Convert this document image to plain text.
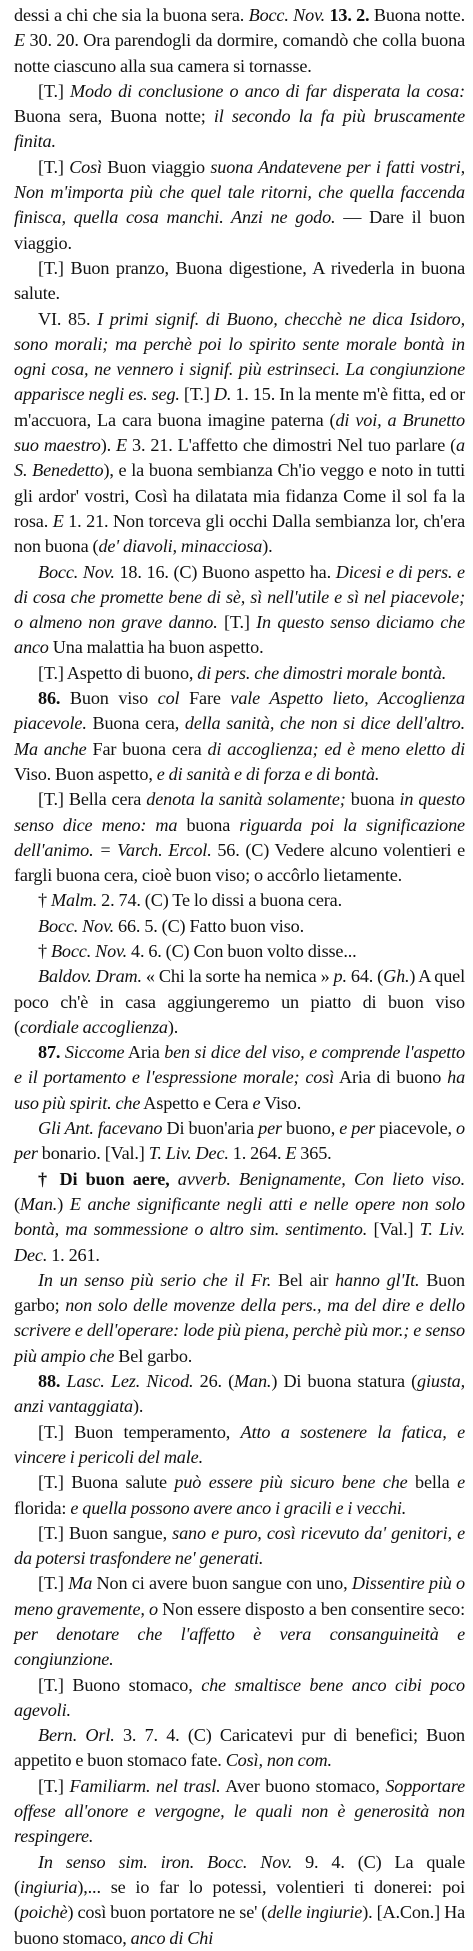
dessi a chi che sia la buona sera. Bocc. Nov. 13. 2. Buona notte. E 30. 20. Ora parendogli da dormire, comandò che colla buona notte ciascuno alla sua camera si tornasse.

[T.] Modo di conclusione o anco di far disperata la cosa: Buona sera, Buona notte; il secondo la fa più bruscamente finita.

[T.] Così Buon viaggio suona Andatevene per i fatti vostri, Non m'importa più che quel tale ritorni, che quella faccenda finisca, quella cosa manchi. Anzi ne godo. — Dare il buon viaggio.

[T.] Buon pranzo, Buona digestione, A rivederla in buona salute.

VI. 85. I primi signif. di Buono, checchè ne dica Isidoro, sono morali; ma perchè poi lo spirito sente morale bontà in ogni cosa, ne vennero i signif. più estrinseci. La congiunzione apparisce negli es. seg. [T.] D. 1. 15. In la mente m'è fitta, ed or m'accuora, La cara buona imagine paterna (di voi, a Brunetto suo maestro). E 3. 21. L'affetto che dimostri Nel tuo parlare (a S. Benedetto), e la buona sembianza Ch'io veggo e noto in tutti gli ardor' vostri, Così ha dilatata mia fidanza Come il sol fa la rosa. E 1. 21. Non torceva gli occhi Dalla sembianza lor, ch'era non buona (de' diavoli, minacciosa).

Bocc. Nov. 18. 16. (C) Buono aspetto ha. Dicesi e di pers. e di cosa che promette bene di sè, sì nell'utile e sì nel piacevole; o almeno non grave danno. [T.] In questo senso diciamo che anco Una malattia ha buon aspetto.

[T.] Aspetto di buono, di pers. che dimostri morale bontà.

86. Buon viso col Fare vale Aspetto lieto, Accoglienza piacevole. Buona cera, della sanità, che non si dice dell'altro. Ma anche Far buona cera di accoglienza; ed è meno eletto di Viso. Buon aspetto, e di sanità e di forza e di bontà.

[T.] Bella cera denota la sanità solamente; buona in questo senso dice meno: ma buona riguarda poi la significazione dell'animo. = Varch. Ercol. 56. (C) Vedere alcuno volentieri e fargli buona cera, cioè buon viso; o accôrlo lietamente.

† Malm. 2. 74. (C) Te lo dissi a buona cera.

Bocc. Nov. 66. 5. (C) Fatto buon viso.

† Bocc. Nov. 4. 6. (C) Con buon volto disse...

Baldov. Dram. « Chi la sorte ha nemica » p. 64. (Gh.) A quel poco ch'è in casa aggiungeremo un piatto di buon viso (cordiale accoglienza).

87. Siccome Aria ben si dice del viso, e comprende l'aspetto e il portamento e l'espressione morale; così Aria di buono ha uso più spirit. che Aspetto e Cera e Viso.

Gli Ant. facevano Di buon'aria per buono, e per piacevole, o per bonario. [Val.] T. Liv. Dec. 1. 264. E 365.

† Di buon aere, avverb. Benignamente, Con lieto viso. (Man.) E anche significante negli atti e nelle opere non solo bontà, ma sommessione o altro sim. sentimento. [Val.] T. Liv. Dec. 1. 261.

In un senso più serio che il Fr. Bel air hanno gl'It. Buon garbo; non solo delle movenze della pers., ma del dire e dello scrivere e dell'operare: lode più piena, perchè più mor.; e senso più ampio che Bel garbo.

88. Lasc. Lez. Nicod. 26. (Man.) Di buona statura (giusta, anzi vantaggiata).

[T.] Buon temperamento, Atto a sostenere la fatica, e vincere i pericoli del male.

[T.] Buona salute può essere più sicuro bene che bella e florida: e quella possono avere anco i gracili e i vecchi.

[T.] Buon sangue, sano e puro, così ricevuto da' genitori, e da potersi trasfondere ne' generati.

[T.] Ma Non ci avere buon sangue con uno, Dissentire più o meno gravemente, o Non essere disposto a ben consentire seco: per denotare che l'affetto è vera consanguineità e congiunzione.

[T.] Buono stomaco, che smaltisce bene anco cibi poco agevoli.

Bern. Orl. 3. 7. 4. (C) Caricatevi pur di benefici; Buon appetito e buon stomaco fate. Così, non com.

[T.] Familiarm. nel trasl. Aver buono stomaco, Sopportare offese all'onore e vergogne, le quali non è generosità non respingere.

In senso sim. iron. Bocc. Nov. 9. 4. (C) La quale (ingiuria),... se io far lo potessi, volentieri ti donerei: poi (poichè) così buon portatore ne se' (delle ingiurie). [A.Con.] Ha buono stomaco, anco di Chi
